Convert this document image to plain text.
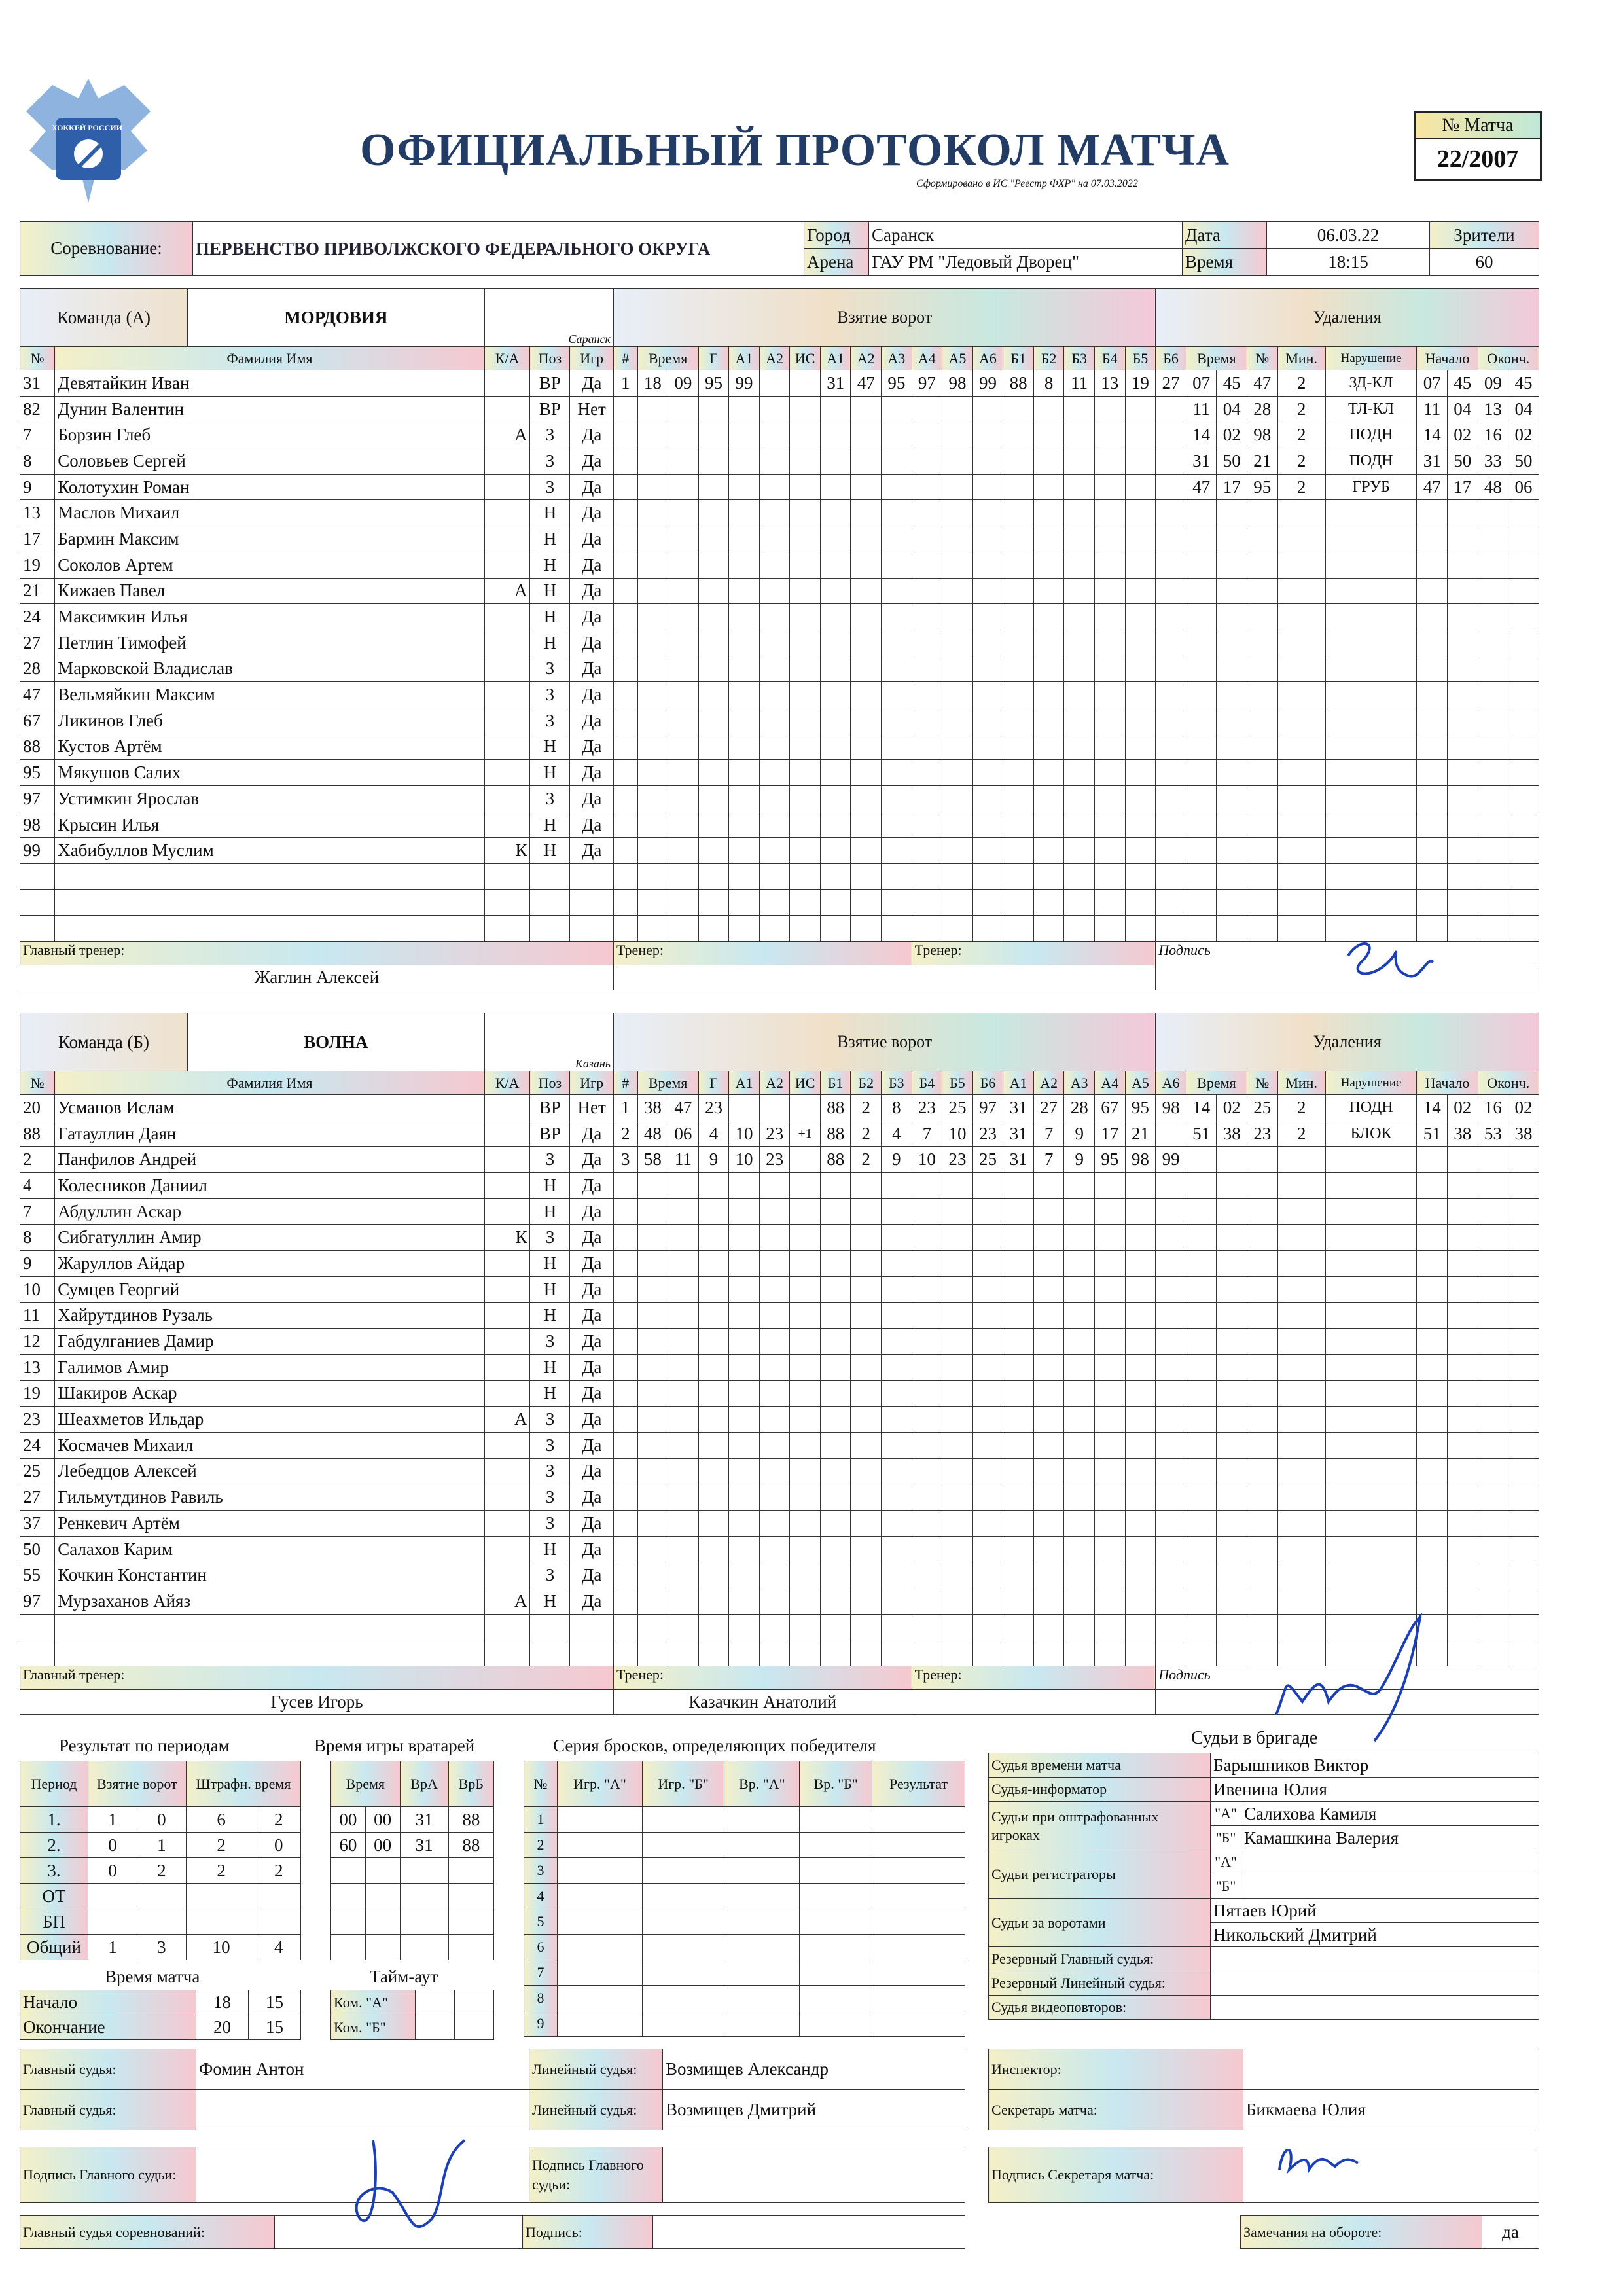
ХОККЕЙ РОССИИ	ОФИЦИАЛЬНЫЙ ПРОТОКОЛ МАТЧА
Сформировано в ИС "Реестр ФХР" на 07.03.2022
№ Матча
22/2007
Соревнование:	ПЕРВЕНСТВО ПРИВОЛЖСКОГО ФЕДЕРАЛЬНОГО ОКРУГА	Город	Саранск	Дата	06.03.22	Зрители
		Арена	ГАУ РМ "Ледовый Дворец"	Время	18:15	60
Команда (А) МОРДОВИЯ		Саранск			Взятие ворот																		Удаления									
№	Фамилия Имя	К/А	Поз	Игр	#	Время		Г	А1	А2	ИС	А1	А2	А3	А4	А5	А6	Б1	Б2	Б3	Б4	Б5	Б6	Время		№	Мин.	Нарушение	Начало		Оконч.	
31	Девятайкин Иван		ВР	Да	1	18	09	95	99			31	47	95	97	98	99	88	8	11	13	19	27	07	45	47	2	ЗД-КЛ	07	45	09	45
82	Дунин Валентин		ВР	Нет																				11	04	28	2	ТЛ-КЛ	11	04	13	04
7	Борзин Глеб	А	З	Да																				14	02	98	2	ПОДН	14	02	16	02
8	Соловьев Сергей		З	Да																				31	50	21	2	ПОДН	31	50	33	50
9	Колотухин Роман		З	Да																				47	17	95	2	ГРУБ	47	17	48	06
13	Маслов Михаил		Н	Да																												
17	Бармин Максим		Н	Да																												
19	Соколов Артем		Н	Да																												
21	Кижаев Павел	А	Н	Да																												
24	Максимкин Илья		Н	Да																												
27	Петлин Тимофей		Н	Да																												
28	Марковской Владислав		З	Да																												
47	Вельмяйкин Максим		З	Да																												
67	Ликинов Глеб		З	Да																												
88	Кустов Артём		Н	Да																												
95	Мякушов Салих		Н	Да																												
97	Устимкин Ярослав		З	Да																												
98	Крысин Илья		Н	Да																												
99	Хабибуллов Муслим	К	Н	Да																												

Главный тренер:					Тренер:										Тренер:								Подпись									
Жаглин Алексей																																
Команда (Б) ВОЛНА		Казань			Взятие ворот																		Удаления									
№	Фамилия Имя	К/А	Поз	Игр	#	Время		Г	А1	А2	ИС	Б1	Б2	Б3	Б4	Б5	Б6	А1	А2	А3	А4	А5	А6	Время		№	Мин.	Нарушение	Начало		Оконч.	
20	Усманов Ислам		ВР	Нет	1	38	47	23				88	2	8	23	25	97	31	27	28	67	95	98	14	02	25	2	ПОДН	14	02	16	02
88	Гатауллин Даян		ВР	Да	2	48	06	4	10	23	+1	88	2	4	7	10	23	31	7	9	17	21		51	38	23	2	БЛОК	51	38	53	38
2	Панфилов Андрей		З	Да	3	58	11	9	10	23		88	2	9	10	23	25	31	7	9	95	98	99									
4	Колесников Даниил		Н	Да																												
7	Абдуллин Аскар		Н	Да																												
8	Сибгатуллин Амир	К	З	Да																												
9	Жаруллов Айдар		Н	Да																												
10	Сумцев Георгий		Н	Да																												
11	Хайрутдинов Рузаль		Н	Да																												
12	Габдулганиев Дамир		З	Да																												
13	Галимов Амир		Н	Да																												
19	Шакиров Аскар		Н	Да																												
23	Шеахметов Ильдар	А	З	Да																												
24	Космачев Михаил		З	Да																												
25	Лебедцов Алексей		З	Да																												
27	Гильмутдинов Равиль		З	Да																												
37	Ренкевич Артём		З	Да																												
50	Салахов Карим		Н	Да																												
55	Кочкин Константин		З	Да																												
97	Мурзаханов Айяз	А	Н	Да																												

Главный тренер:					Тренер:										Тренер:								Подпись									
Гусев Игорь					Казачкин Анатолий																											
Результат по периодам
Период	Взятие ворот		Штрафн. время	
1.	1	0	6	2
2.	0	1	2	0
3.	0	2	2	2
ОТ				
БП				
Общий	1	3	10	4
Время игры вратарей
Время		ВрА	ВрБ
00	00	31	88
60	00	31	88

Время матча
Начало	18	15
Окончание	20	15
Тайм-аут
Ком. "А"		
Ком. "Б"		
Серия бросков, определяющих победителя
№	Игр. "А"	Игр. "Б"	Вр. "А"	Вр. "Б"	Результат
1					
2					
3					
4					
5					
6					
7					
8					
9					
Судьи в бригаде
Судья времени матча	Барышников Виктор	
Судья-информатор	Ивенина Юлия	
Судьи при оштрафованных игроках	"А"	Салихова Камиля
	"Б"	Камашкина Валерия
Судьи регистраторы	"А"	
	"Б"	
Судьи за воротами	Пятаев Юрий	
	Никольский Дмитрий	
Резервный Главный судья:		
Резервный Линейный судья:		
Судья видеоповторов:		
Главный судья:	Фомин Антон	Линейный судья:	Возмищев Александр
Главный судья:		Линейный судья:	Возмищев Дмитрий
Инспектор:	
Секретарь матча:	Бикмаева Юлия
Подпись Главного судьи:		Подпись Главного судьи:	
Подпись Секретаря матча:	
Главный судья соревнований:		Подпись:		Замечания на обороте:	да
